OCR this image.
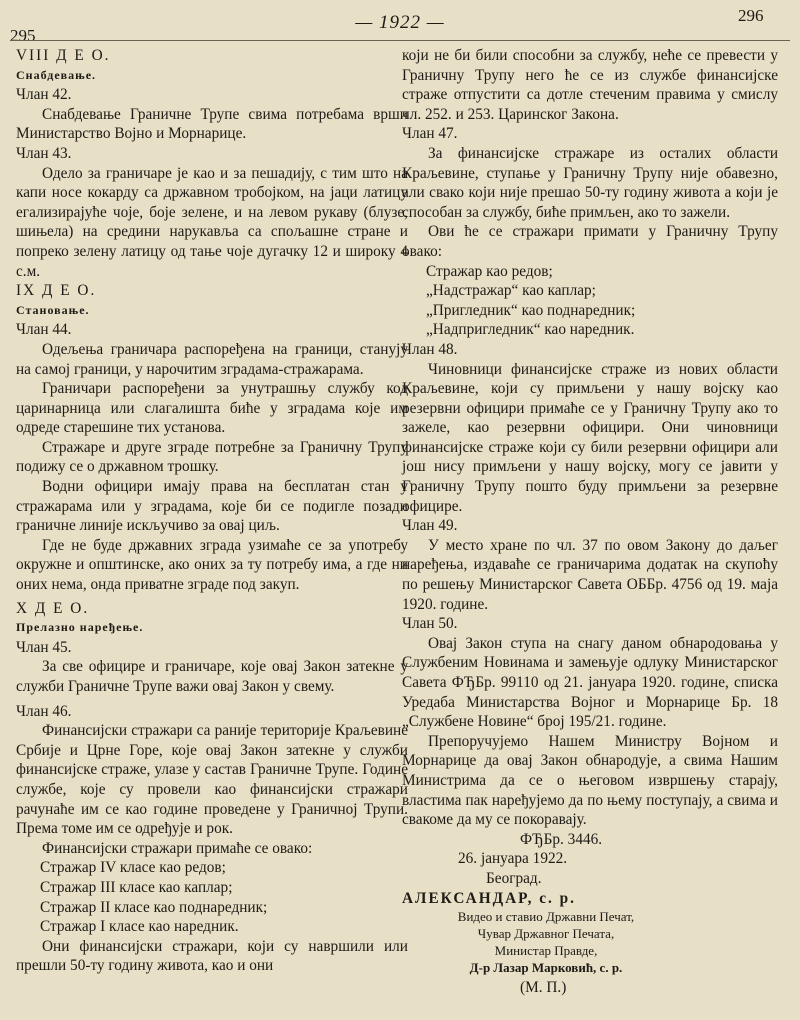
295
— 1922 —	296

VIII Д Е О.

Снабдевање.

Члан 42.

Снабдевање Граничне Трупе свима потребама врши Министарство Војно и Морнарице.

Члан 43.

Одело за граничаре је као и за пешадију, с тим што на капи носе кокарду са државном тробојком, на јаци латицу егализирајуће чоје, боје зелене, и на левом рукаву (блузе, шињела) на средини нарукавља са спољашне стране и попреко зелену латицу од тање чоје дугачку 12 и широку 4 с.м.

IX Д Е О.

Становање.

Члан 44.

Одељења граничара распоређена на граници, станују на самој граници, у нарочитим зградама-стражарама.

Граничари распоређени за унутрашњу службу код царинарница или слагалишта биће у зградама које им одреде старешине тих установа.

Стражаре и друге зграде потребне за Граничну Трупу подижу се о државном трошку.

Водни официри имају права на бесплатан стан у стражарама или у зградама, које би се подигле позади граничне линије искључиво за овај циљ.

Где не буде државних зграда узимаће се за употребу окружне и општинске, ако оних за ту потребу има, а где ни оних нема, онда приватне зграде под закуп.

X Д Е О.

Прелазно наређење.

Члан 45.

За све официре и граничаре, које овај Закон затекне у служби Граничне Трупе важи овај Закон у свему.

Члан 46.

Финансијски стражари са раније територије Краљевине Србије и Црне Горе, које овај Закон затекне у служби финансијске страже, улазе у састав Граничне Трупе. Године службе, које су провели као финансијски стражари рачунаће им се као године проведене у Граничној Трупи. Према томе им се одређује и рок.

Финансијски стражари примаће се овако:

Стражар IV класе као редов;
Стражар III класе као каплар;
Стражар II класе као поднаредник;
Стражар I класе као наредник.

Они финансијски стражари, који су навршили или прешли 50-ту годину живота, као и они

који не би били способни за службу, неће се превести у Граничну Трупу него ће се из службе финансијске страже отпустити са дотле стеченим правима у смислу чл. 252. и 253. Царинског Закона.

Члан 47.

За финансијске стражаре из осталих области Краљевине, ступање у Граничну Трупу није обавезно, али свако који није прешао 50-ту годину живота а који је способан за службу, биће примљен, ако то зажели.

Ови ће се стражари примати у Граничну Трупу овако:

Стражар као редов;
„Надстражар“ као каплар;
„Пригледник“ као поднаредник;
„Надпригледник“ као наредник.

Члан 48.

Чиновници финансијске страже из нових области Краљевине, који су примљени у нашу војску као резервни официри примаће се у Граничну Трупу ако то зажеле, као резервни официри. Они чиновници финансијске страже који су били резервни официри али још нису примљени у нашу војску, могу се јавити у Граничну Трупу пошто буду примљени за резервне официре.

Члан 49.

У место хране по чл. 37 по овом Закону до даљег наређења, издаваће се граничарима додатак на скупоћу по решењу Министарског Савета ОББр. 4756 од 19. маја 1920. године.

Члан 50.

Овај Закон ступа на снагу даном обнародовања у Службеним Новинама и замењује одлуку Министарског Савета ФЂБр. 99110 од 21. јануара 1920. године, списка Уредаба Министарства Војног и Морнарице Бр. 18 „Службене Новине“ број 195/21. године.

Препоручујемо Нашем Министру Војном и Морнарице да овај Закон обнародује, а свима Нашим Министрима да се о његовом извршењу старају, властима пак наређујемо да по њему поступају, а свима и свакоме да му се покоравају.

ФЂБр. 3446.

26. јануара 1922.

Београд.

АЛЕКСАНДАР, с. р.

Видео и ставио Државни Печат,
Чувар Државног Печата,
Министар Правде,
Д-р Лазар Марковић, с. р.

(М. П.)
